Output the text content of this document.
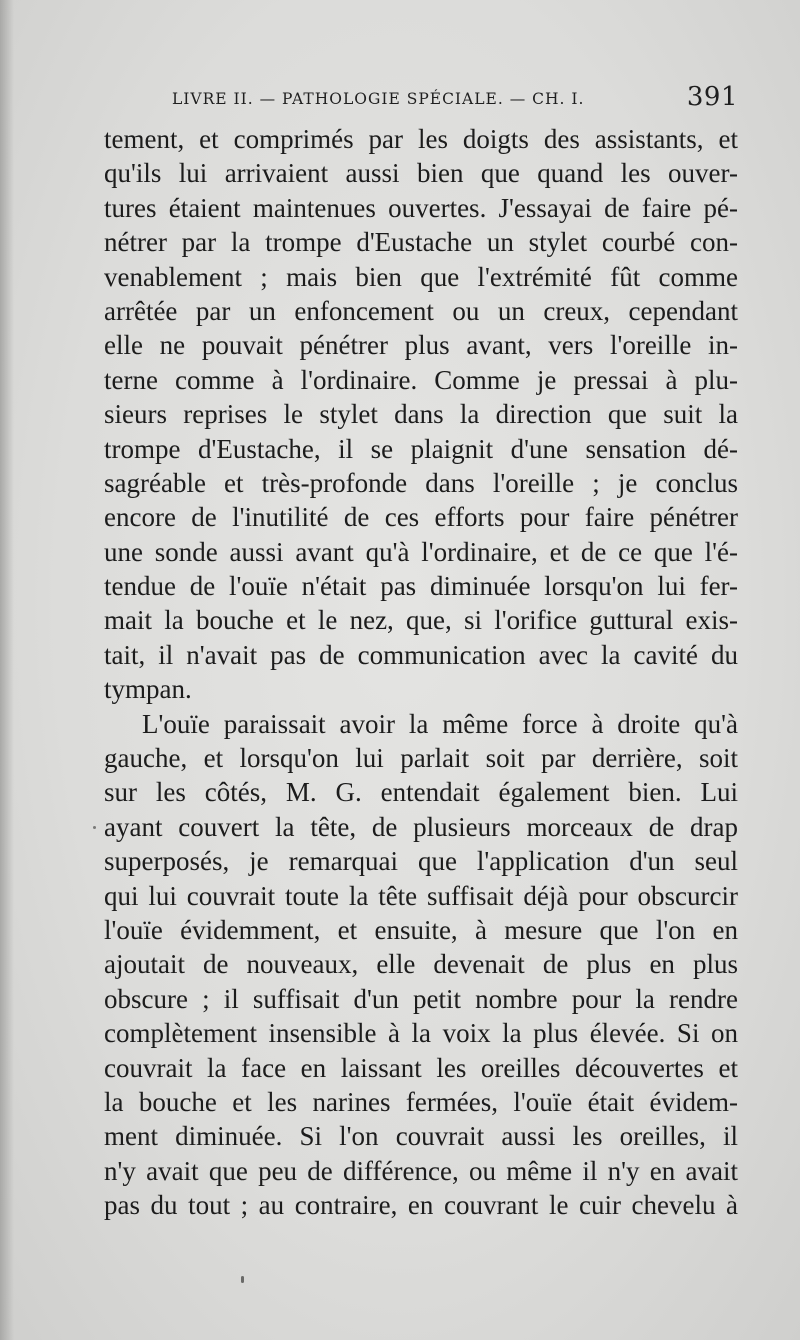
LIVRE II. — PATHOLOGIE SPÉCIALE. — CH. I.	391
tement, et comprimés par les doigts des assistants, et
qu'ils lui arrivaient aussi bien que quand les ouver-
tures étaient maintenues ouvertes. J'essayai de faire pé-
nétrer par la trompe d'Eustache un stylet courbé con-
venablement ; mais bien que l'extrémité fût comme
arrêtée par un enfoncement ou un creux, cependant
elle ne pouvait pénétrer plus avant, vers l'oreille in-
terne comme à l'ordinaire. Comme je pressai à plu-
sieurs reprises le stylet dans la direction que suit la
trompe d'Eustache, il se plaignit d'une sensation dé-
sagréable et très-profonde dans l'oreille ; je conclus
encore de l'inutilité de ces efforts pour faire pénétrer
une sonde aussi avant qu'à l'ordinaire, et de ce que l'é-
tendue de l'ouïe n'était pas diminuée lorsqu'on lui fer-
mait la bouche et le nez, que, si l'orifice guttural exis-
tait, il n'avait pas de communication avec la cavité du
tympan.
L'ouïe paraissait avoir la même force à droite qu'à
gauche, et lorsqu'on lui parlait soit par derrière, soit
sur les côtés, M. G. entendait également bien. Lui
ayant couvert la tête, de plusieurs morceaux de drap
superposés, je remarquai que l'application d'un seul
qui lui couvrait toute la tête suffisait déjà pour obscurcir
l'ouïe évidemment, et ensuite, à mesure que l'on en
ajoutait de nouveaux, elle devenait de plus en plus
obscure ; il suffisait d'un petit nombre pour la rendre
complètement insensible à la voix la plus élevée. Si on
couvrait la face en laissant les oreilles découvertes et
la bouche et les narines fermées, l'ouïe était évidem-
ment diminuée. Si l'on couvrait aussi les oreilles, il
n'y avait que peu de différence, ou même il n'y en avait
pas du tout ; au contraire, en couvrant le cuir chevelu à
